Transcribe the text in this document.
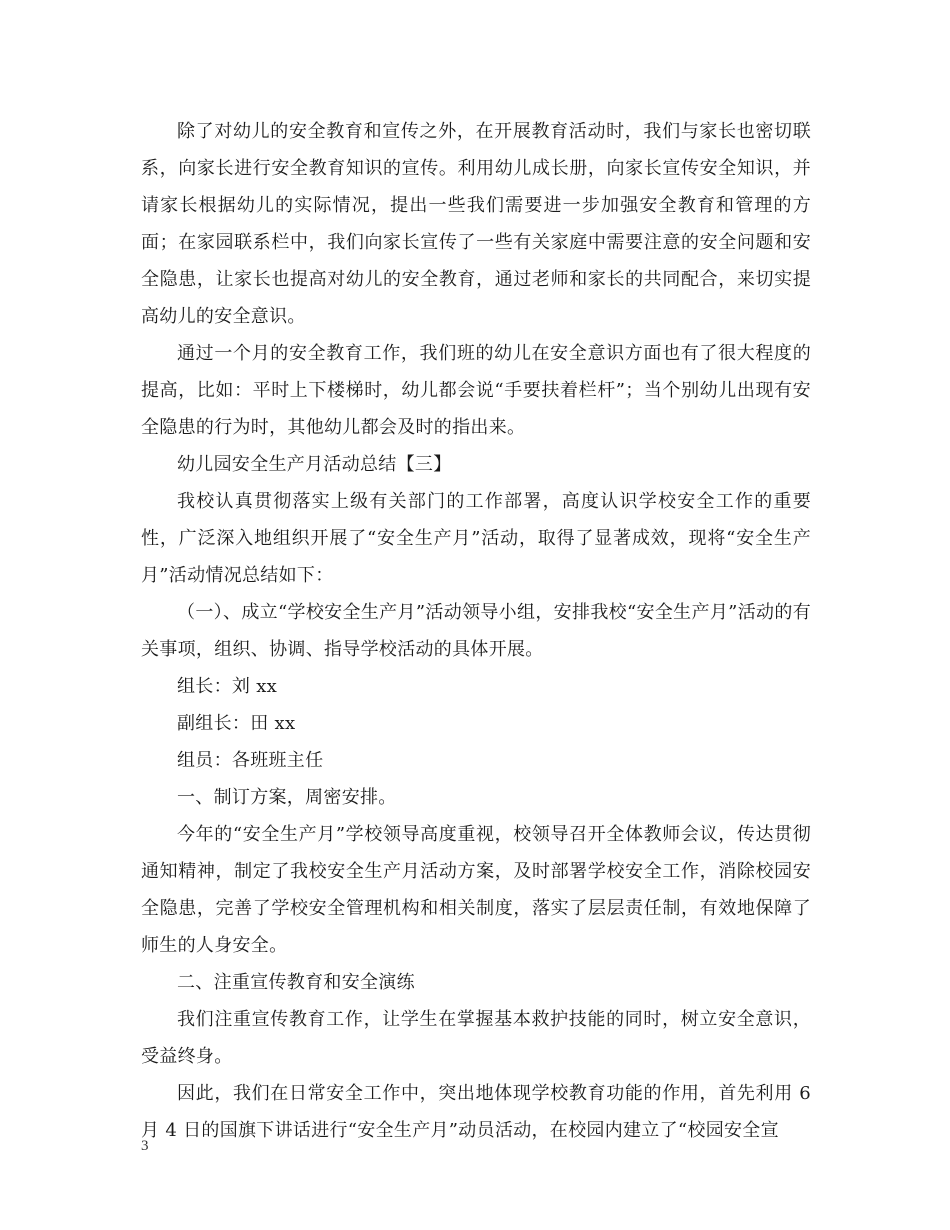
除了对幼儿的安全教育和宣传之外，在开展教育活动时，我们与家长也密切联系，向家长进行安全教育知识的宣传。利用幼儿成长册，向家长宣传安全知识，并请家长根据幼儿的实际情况，提出一些我们需要进一步加强安全教育和管理的方面；在家园联系栏中，我们向家长宣传了一些有关家庭中需要注意的安全问题和安全隐患，让家长也提高对幼儿的安全教育，通过老师和家长的共同配合，来切实提高幼儿的安全意识。

通过一个月的安全教育工作，我们班的幼儿在安全意识方面也有了很大程度的提高，比如：平时上下楼梯时，幼儿都会说“手要扶着栏杆”；当个别幼儿出现有安全隐患的行为时，其他幼儿都会及时的指出来。

幼儿园安全生产月活动总结【三】

我校认真贯彻落实上级有关部门的工作部署，高度认识学校安全工作的重要性，广泛深入地组织开展了“安全生产月”活动，取得了显著成效，现将“安全生产月”活动情况总结如下：

（一）、成立“学校安全生产月”活动领导小组，安排我校“安全生产月”活动的有关事项，组织、协调、指导学校活动的具体开展。

组长：刘 xx

副组长：田 xx

组员：各班班主任

一、制订方案，周密安排。

今年的“安全生产月”学校领导高度重视，校领导召开全体教师会议，传达贯彻通知精神，制定了我校安全生产月活动方案，及时部署学校安全工作，消除校园安全隐患，完善了学校安全管理机构和相关制度，落实了层层责任制，有效地保障了师生的人身安全。

二、注重宣传教育和安全演练

我们注重宣传教育工作，让学生在掌握基本救护技能的同时，树立安全意识，受益终身。

因此，我们在日常安全工作中，突出地体现学校教育功能的作用，首先利用 6 月 4 日的国旗下讲话进行“安全生产月”动员活动，在校园内建立了“校园安全宣

3
